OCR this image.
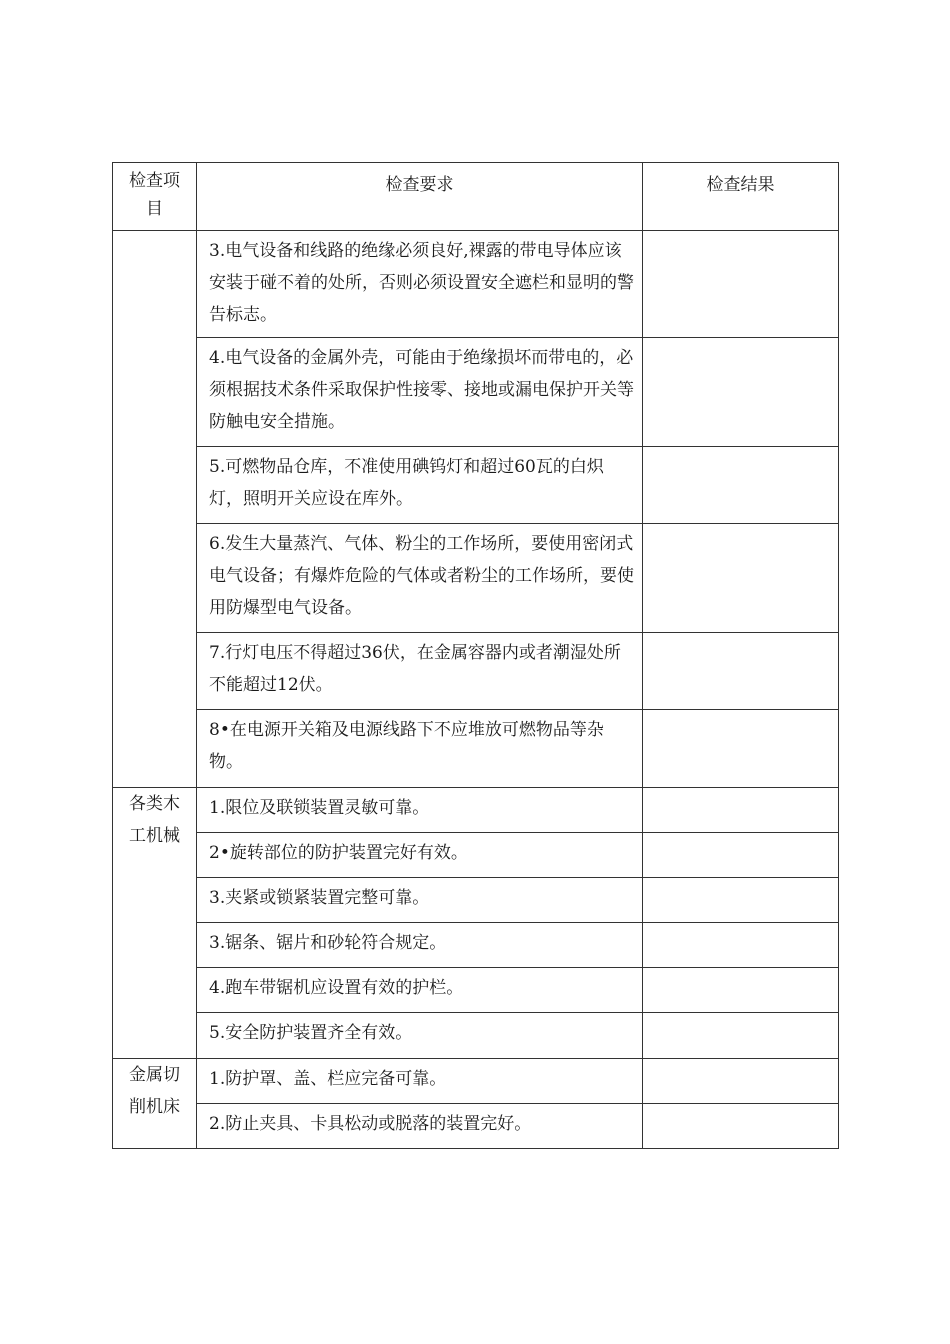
检查项目	检查要求	检查结果
	3.电气设备和线路的绝缘必须良好,裸露的带电导体应该安装于碰不着的处所，否则必须设置安全遮栏和显明的警告标志。	
	4.电气设备的金属外壳，可能由于绝缘损坏而带电的，必须根据技术条件采取保护性接零、接地或漏电保护开关等防触电安全措施。	
	5.可燃物品仓库，不准使用碘钨灯和超过60瓦的白炽灯，照明开关应设在库外。	
	6.发生大量蒸汽、气体、粉尘的工作场所，要使用密闭式电气设备；有爆炸危险的气体或者粉尘的工作场所，要使用防爆型电气设备。	
	7.行灯电压不得超过36伏，在金属容器内或者潮湿处所不能超过12伏。	
	8•在电源开关箱及电源线路下不应堆放可燃物品等杂物。	
各类木工机械	1.限位及联锁装置灵敏可靠。	
	2•旋转部位的防护装置完好有效。	
	3.夹紧或锁紧装置完整可靠。	
	3.锯条、锯片和砂轮符合规定。	
	4.跑车带锯机应设置有效的护栏。	
	5.安全防护装置齐全有效。	
金属切削机床	1.防护罩、盖、栏应完备可靠。	
	2.防止夹具、卡具松动或脱落的装置完好。	
